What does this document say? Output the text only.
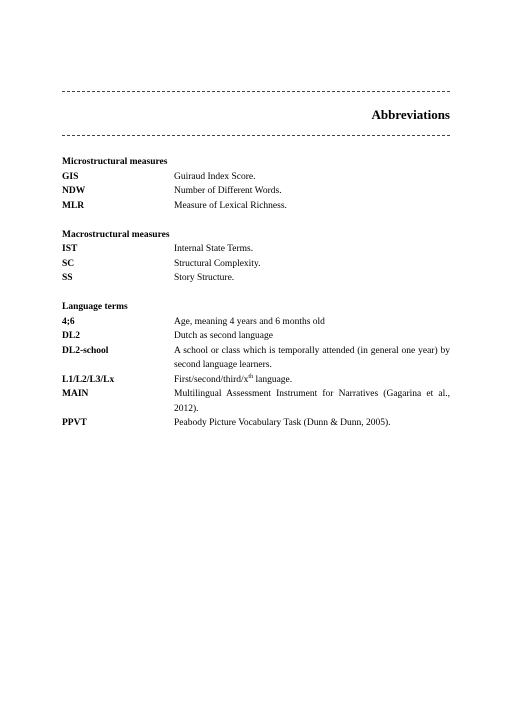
Abbreviations
Microstructural measures
GIS	Guiraud Index Score.
NDW	Number of Different Words.
MLR	Measure of Lexical Richness.
Macrostructural measures
IST	Internal State Terms.
SC	Structural Complexity.
SS	Story Structure.
Language terms
4;6	Age, meaning 4 years and 6 months old
DL2	Dutch as second language
DL2-school	A school or class which is temporally attended (in general one year) by second language learners.
L1/L2/L3/Lx	First/$second/third/x^{th}$ language.
MAIN	Multilingual Assessment Instrument for Narratives (Gagarina et al., 2012).
PPVT	Peabody Picture Vocabulary Task (Dunn & Dunn, 2005).
